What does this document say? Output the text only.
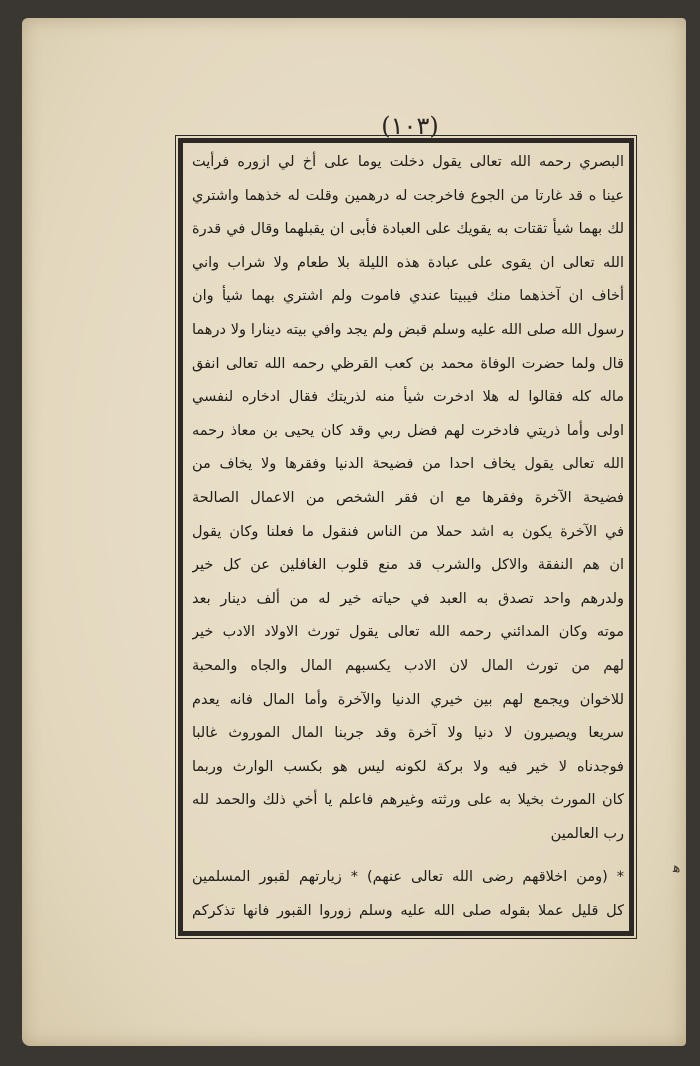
(١٠٣)
البصري رحمه الله تعالى يقول دخلت يوما على أخ لي ازوره فرأيت
عينا ه قد غارتا من الجوع فاخرجت له درهمين وقلت له خذهما واشتري
لك بهما شيأ تقتات به يقويك على العبادة فأبى ان يقبلهما وقال في قدرة
الله تعالى ان يقوى على عبادة هذه الليلة بلا طعام ولا شراب واني
أخاف ان آخذهما منك فيبيتا عندي فاموت ولم اشتري بهما شيأ وان
رسول الله صلى الله عليه وسلم قبض ولم يجد وافي بيته دينارا ولا درهما
قال ولما حضرت الوفاة محمد بن كعب القرظي رحمه الله تعالى انفق
ماله كله فقالوا له هلا ادخرت شيأ منه لذريتك فقال ادخاره لنفسي
اولى وأما ذريتي فادخرت لهم فضل ربي وقد كان يحيى بن معاذ رحمه
الله تعالى يقول يخاف احدا من فضيحة الدنيا وفقرها ولا يخاف من
فضيحة الآخرة وفقرها مع ان فقر الشخص من الاعمال الصالحة
في الآخرة يكون به اشد حملا من الناس فنقول ما فعلنا وكان يقول
ان هم النفقة والاكل والشرب قد منع قلوب الغافلين عن كل خير
ولدرهم واحد تصدق به العبد في حياته خير له من ألف دينار بعد
موته وكان المدائني رحمه الله تعالى يقول تورث الاولاد الادب خير
لهم من تورث المال لان الادب يكسبهم المال والجاه والمحبة
للاخوان ويجمع لهم بين خيري الدنيا والآخرة وأما المال فانه يعدم
سريعا ويصيرون لا دنيا ولا آخرة وقد جربنا المال الموروث غالبا
فوجدناه لا خير فيه ولا بركة لكونه ليس هو بكسب الوارث وربما
كان المورث بخيلا به على ورثته وغيرهم فاعلم يا أخي ذلك والحمد لله
رب العالمين
* (ومن اخلاقهم رضى الله تعالى عنهم) * زيارتهم لقبور المسلمين
كل قليل عملا بقوله صلى الله عليه وسلم زوروا القبور فانها تذكركم
ﻫ
